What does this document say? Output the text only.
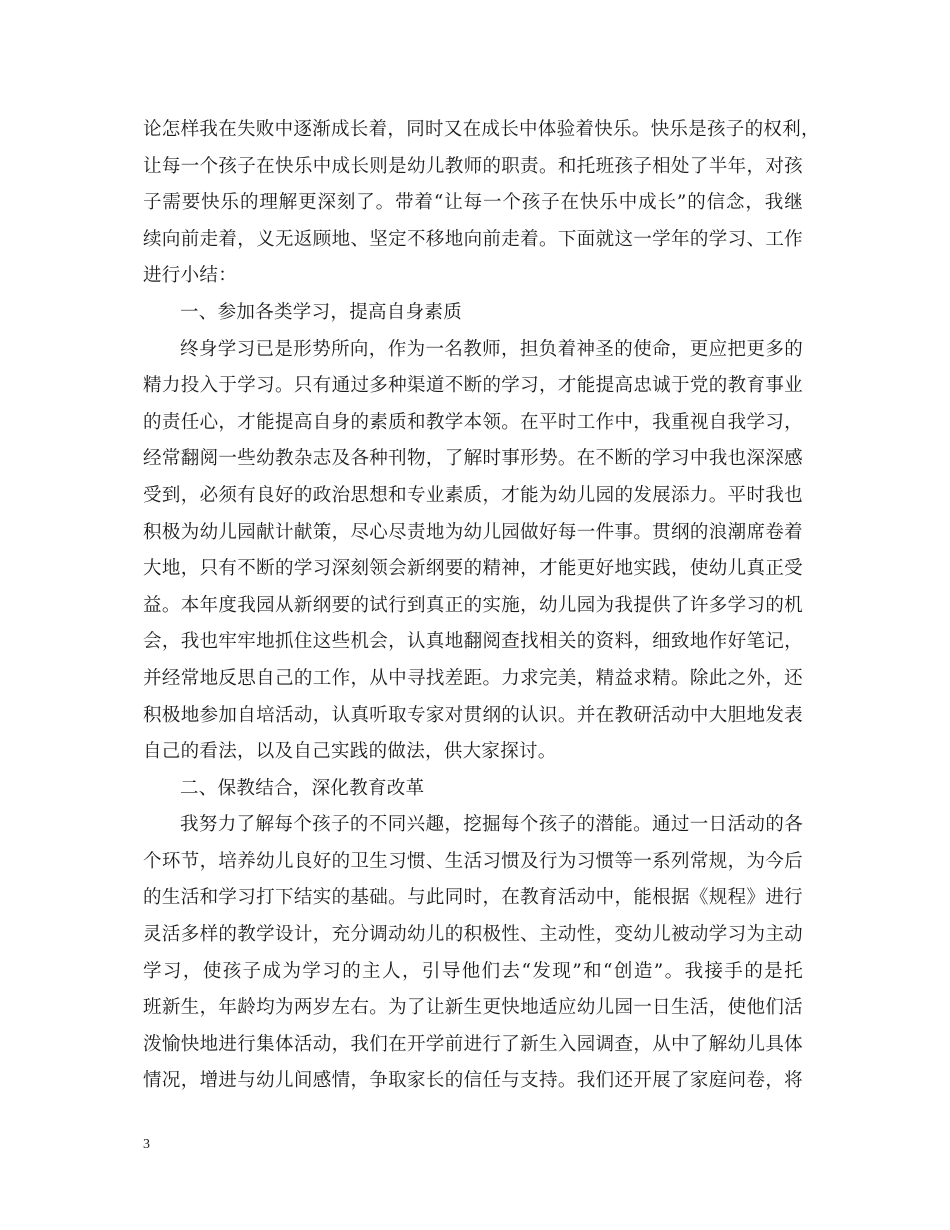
论怎样我在失败中逐渐成长着，同时又在成长中体验着快乐。快乐是孩子的权利，
让每一个孩子在快乐中成长则是幼儿教师的职责。和托班孩子相处了半年，对孩
子需要快乐的理解更深刻了。带着“让每一个孩子在快乐中成长”的信念，我继
续向前走着，义无返顾地、坚定不移地向前走着。下面就这一学年的学习、工作
进行小结：
一、参加各类学习，提高自身素质
终身学习已是形势所向，作为一名教师，担负着神圣的使命，更应把更多的
精力投入于学习。只有通过多种渠道不断的学习，才能提高忠诚于党的教育事业
的责任心，才能提高自身的素质和教学本领。在平时工作中，我重视自我学习，
经常翻阅一些幼教杂志及各种刊物，了解时事形势。在不断的学习中我也深深感
受到，必须有良好的政治思想和专业素质，才能为幼儿园的发展添力。平时我也
积极为幼儿园献计献策，尽心尽责地为幼儿园做好每一件事。贯纲的浪潮席卷着
大地，只有不断的学习深刻领会新纲要的精神，才能更好地实践，使幼儿真正受
益。本年度我园从新纲要的试行到真正的实施，幼儿园为我提供了许多学习的机
会，我也牢牢地抓住这些机会，认真地翻阅查找相关的资料，细致地作好笔记，
并经常地反思自己的工作，从中寻找差距。力求完美，精益求精。除此之外，还
积极地参加自培活动，认真听取专家对贯纲的认识。并在教研活动中大胆地发表
自己的看法，以及自己实践的做法，供大家探讨。
二、保教结合，深化教育改革
我努力了解每个孩子的不同兴趣，挖掘每个孩子的潜能。通过一日活动的各
个环节，培养幼儿良好的卫生习惯、生活习惯及行为习惯等一系列常规，为今后
的生活和学习打下结实的基础。与此同时，在教育活动中，能根据《规程》进行
灵活多样的教学设计，充分调动幼儿的积极性、主动性，变幼儿被动学习为主动
学习，使孩子成为学习的主人，引导他们去“发现”和“创造”。我接手的是托
班新生，年龄均为两岁左右。为了让新生更快地适应幼儿园一日生活，使他们活
泼愉快地进行集体活动，我们在开学前进行了新生入园调查，从中了解幼儿具体
情况，增进与幼儿间感情，争取家长的信任与支持。我们还开展了家庭问卷，将
3
